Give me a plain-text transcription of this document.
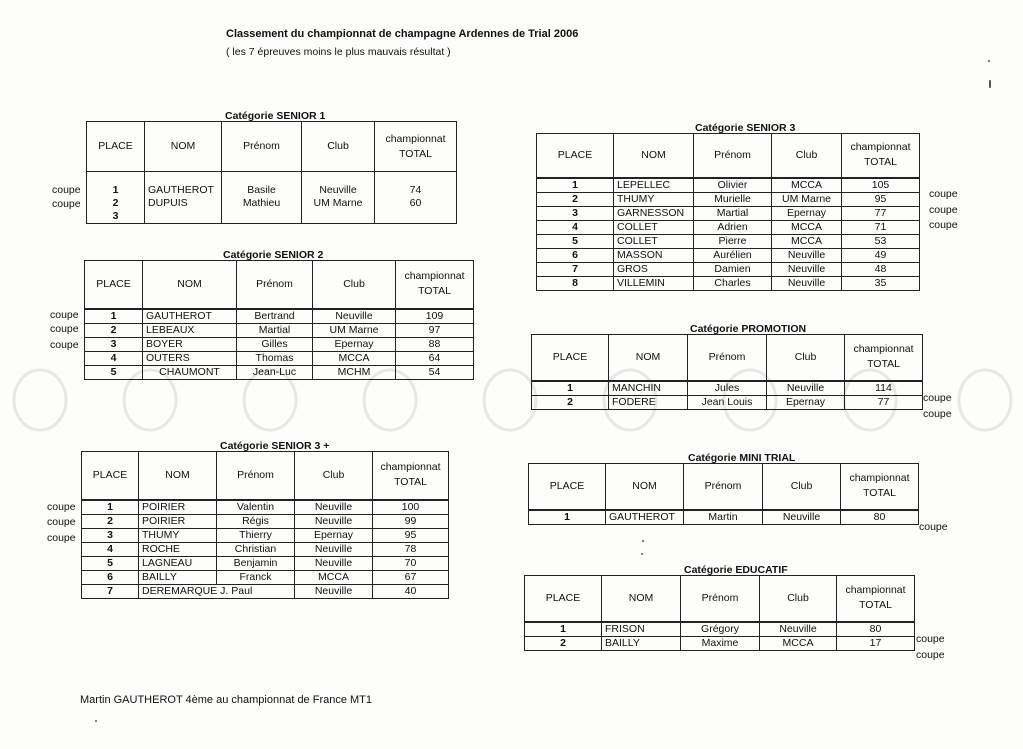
Classement du championnat de champagne Ardennes de Trial 2006
( les 7 épreuves moins le plus mauvais résultat )
Catégorie SENIOR 1
PLACE	NOM	Prénom	Club	championnat
TOTAL
1	GAUTHEROT	Basile	Neuville	74
2	DUPUIS	Mathieu	UM Marne	60
3				
coupe
coupe
Catégorie SENIOR 2
PLACE	NOM	Prénom	Club	championnat
TOTAL
1	GAUTHEROT	Bertrand	Neuville	109
2	LEBEAUX	Martial	UM Marne	97
3	BOYER	Gilles	Epernay	88
4	OUTERS	Thomas	MCCA	64
5	CHAUMONT	Jean-Luc	MCHM	54
coupe
coupe
coupe
Catégorie SENIOR 3 +
PLACE	NOM	Prénom	Club	championnat
TOTAL
1	POIRIER	Valentin	Neuville	100
2	POIRIER	Régis	Neuville	99
3	THUMY	Thierry	Epernay	95
4	ROCHE	Christian	Neuville	78
5	LAGNEAU	Benjamin	Neuville	70
6	BAILLY	Franck	MCCA	67
7	DEREMARQUE J. Paul		Neuville	40
coupe
coupe
coupe
Catégorie SENIOR 3
PLACE	NOM	Prénom	Club	championnat
TOTAL
1	LEPELLEC	Olivier	MCCA	105
2	THUMY	Murielle	UM Marne	95
3	GARNESSON	Martial	Epernay	77
4	COLLET	Adrien	MCCA	71
5	COLLET	Pierre	MCCA	53
6	MASSON	Aurélien	Neuville	49
7	GROS	Damien	Neuville	48
8	VILLEMIN	Charles	Neuville	35
coupe
coupe
coupe
Catégorie PROMOTION
PLACE	NOM	Prénom	Club	championnat
TOTAL
1	MANCHIN	Jules	Neuville	114
2	FODERE	Jean Louis	Epernay	77	coupe
coupe
Catégorie MINI TRIAL
PLACE	NOM	Prénom	Club	championnat
TOTAL
1	GAUTHEROT	Martin	Neuville	80
coupe
Catégorie EDUCATIF
PLACE	NOM	Prénom	Club	championnat
TOTAL
1	FRISON	Grégory	Neuville	80
2	BAILLY	Maxime	MCCA	17	coupe
coupe
Martin GAUTHEROT 4ème au championnat de France MT1
